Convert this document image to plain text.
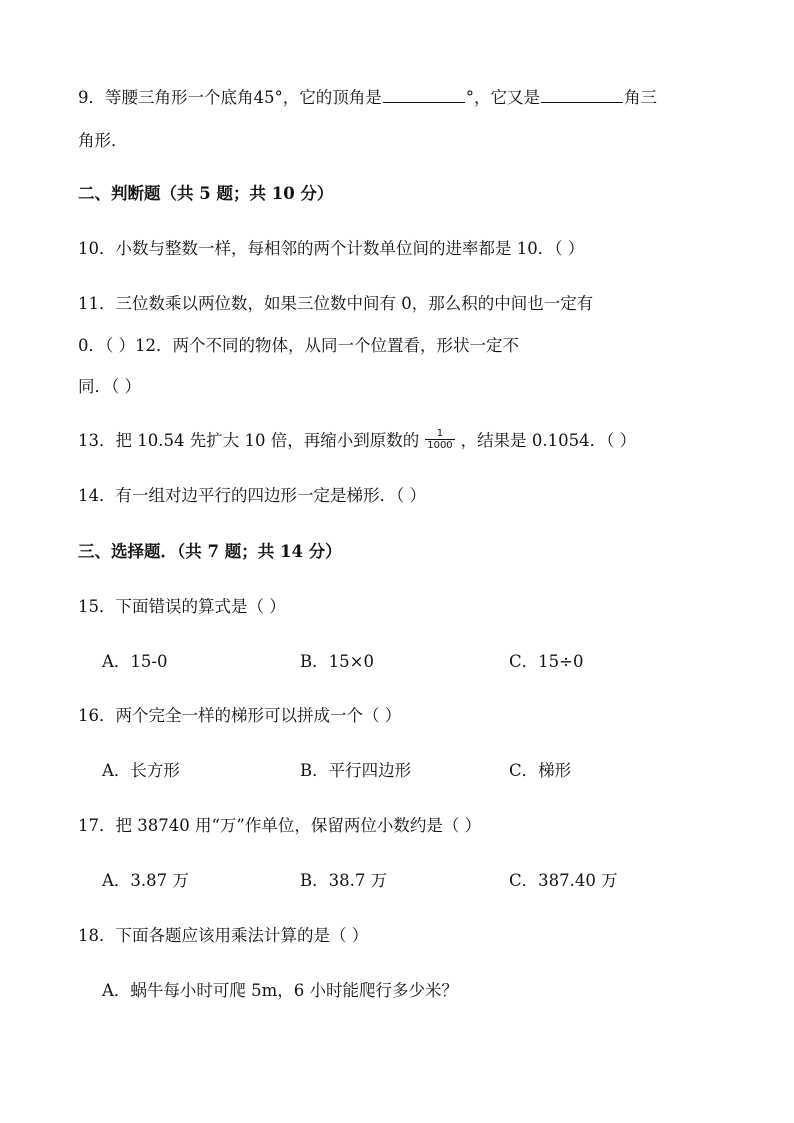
9．等腰三角形一个底角45°，它的顶角是	°，它又是	角三
角形．
二、判断题（共 5 题；共 10 分）
10．小数与整数一样，每相邻的两个计数单位间的进率都是 10．（ ）
11．三位数乘以两位数，如果三位数中间有 0，那么积的中间也一定有
0．（ ）12．两个不同的物体，从同一个位置看，形状一定不
同．（ ）
13．把 10.54 先扩大 10 倍，再缩小到原数的 $\frac{1}{1000}$ ，结果是 0.1054．（ ）
14．有一组对边平行的四边形一定是梯形．（ ）
三、选择题．（共 7 题；共 14 分）
15．下面错误的算式是（ ）
A．15-0	B．15×0	C．15÷0
16．两个完全一样的梯形可以拼成一个（ ）
A．长方形	B．平行四边形	C．梯形
17．把 38740 用“万”作单位，保留两位小数约是（ ）
A．3.87 万	B．38.7 万	C．387.40 万
18．下面各题应该用乘法计算的是（ ）
A．蜗牛每小时可爬 5m，6 小时能爬行多少米？
